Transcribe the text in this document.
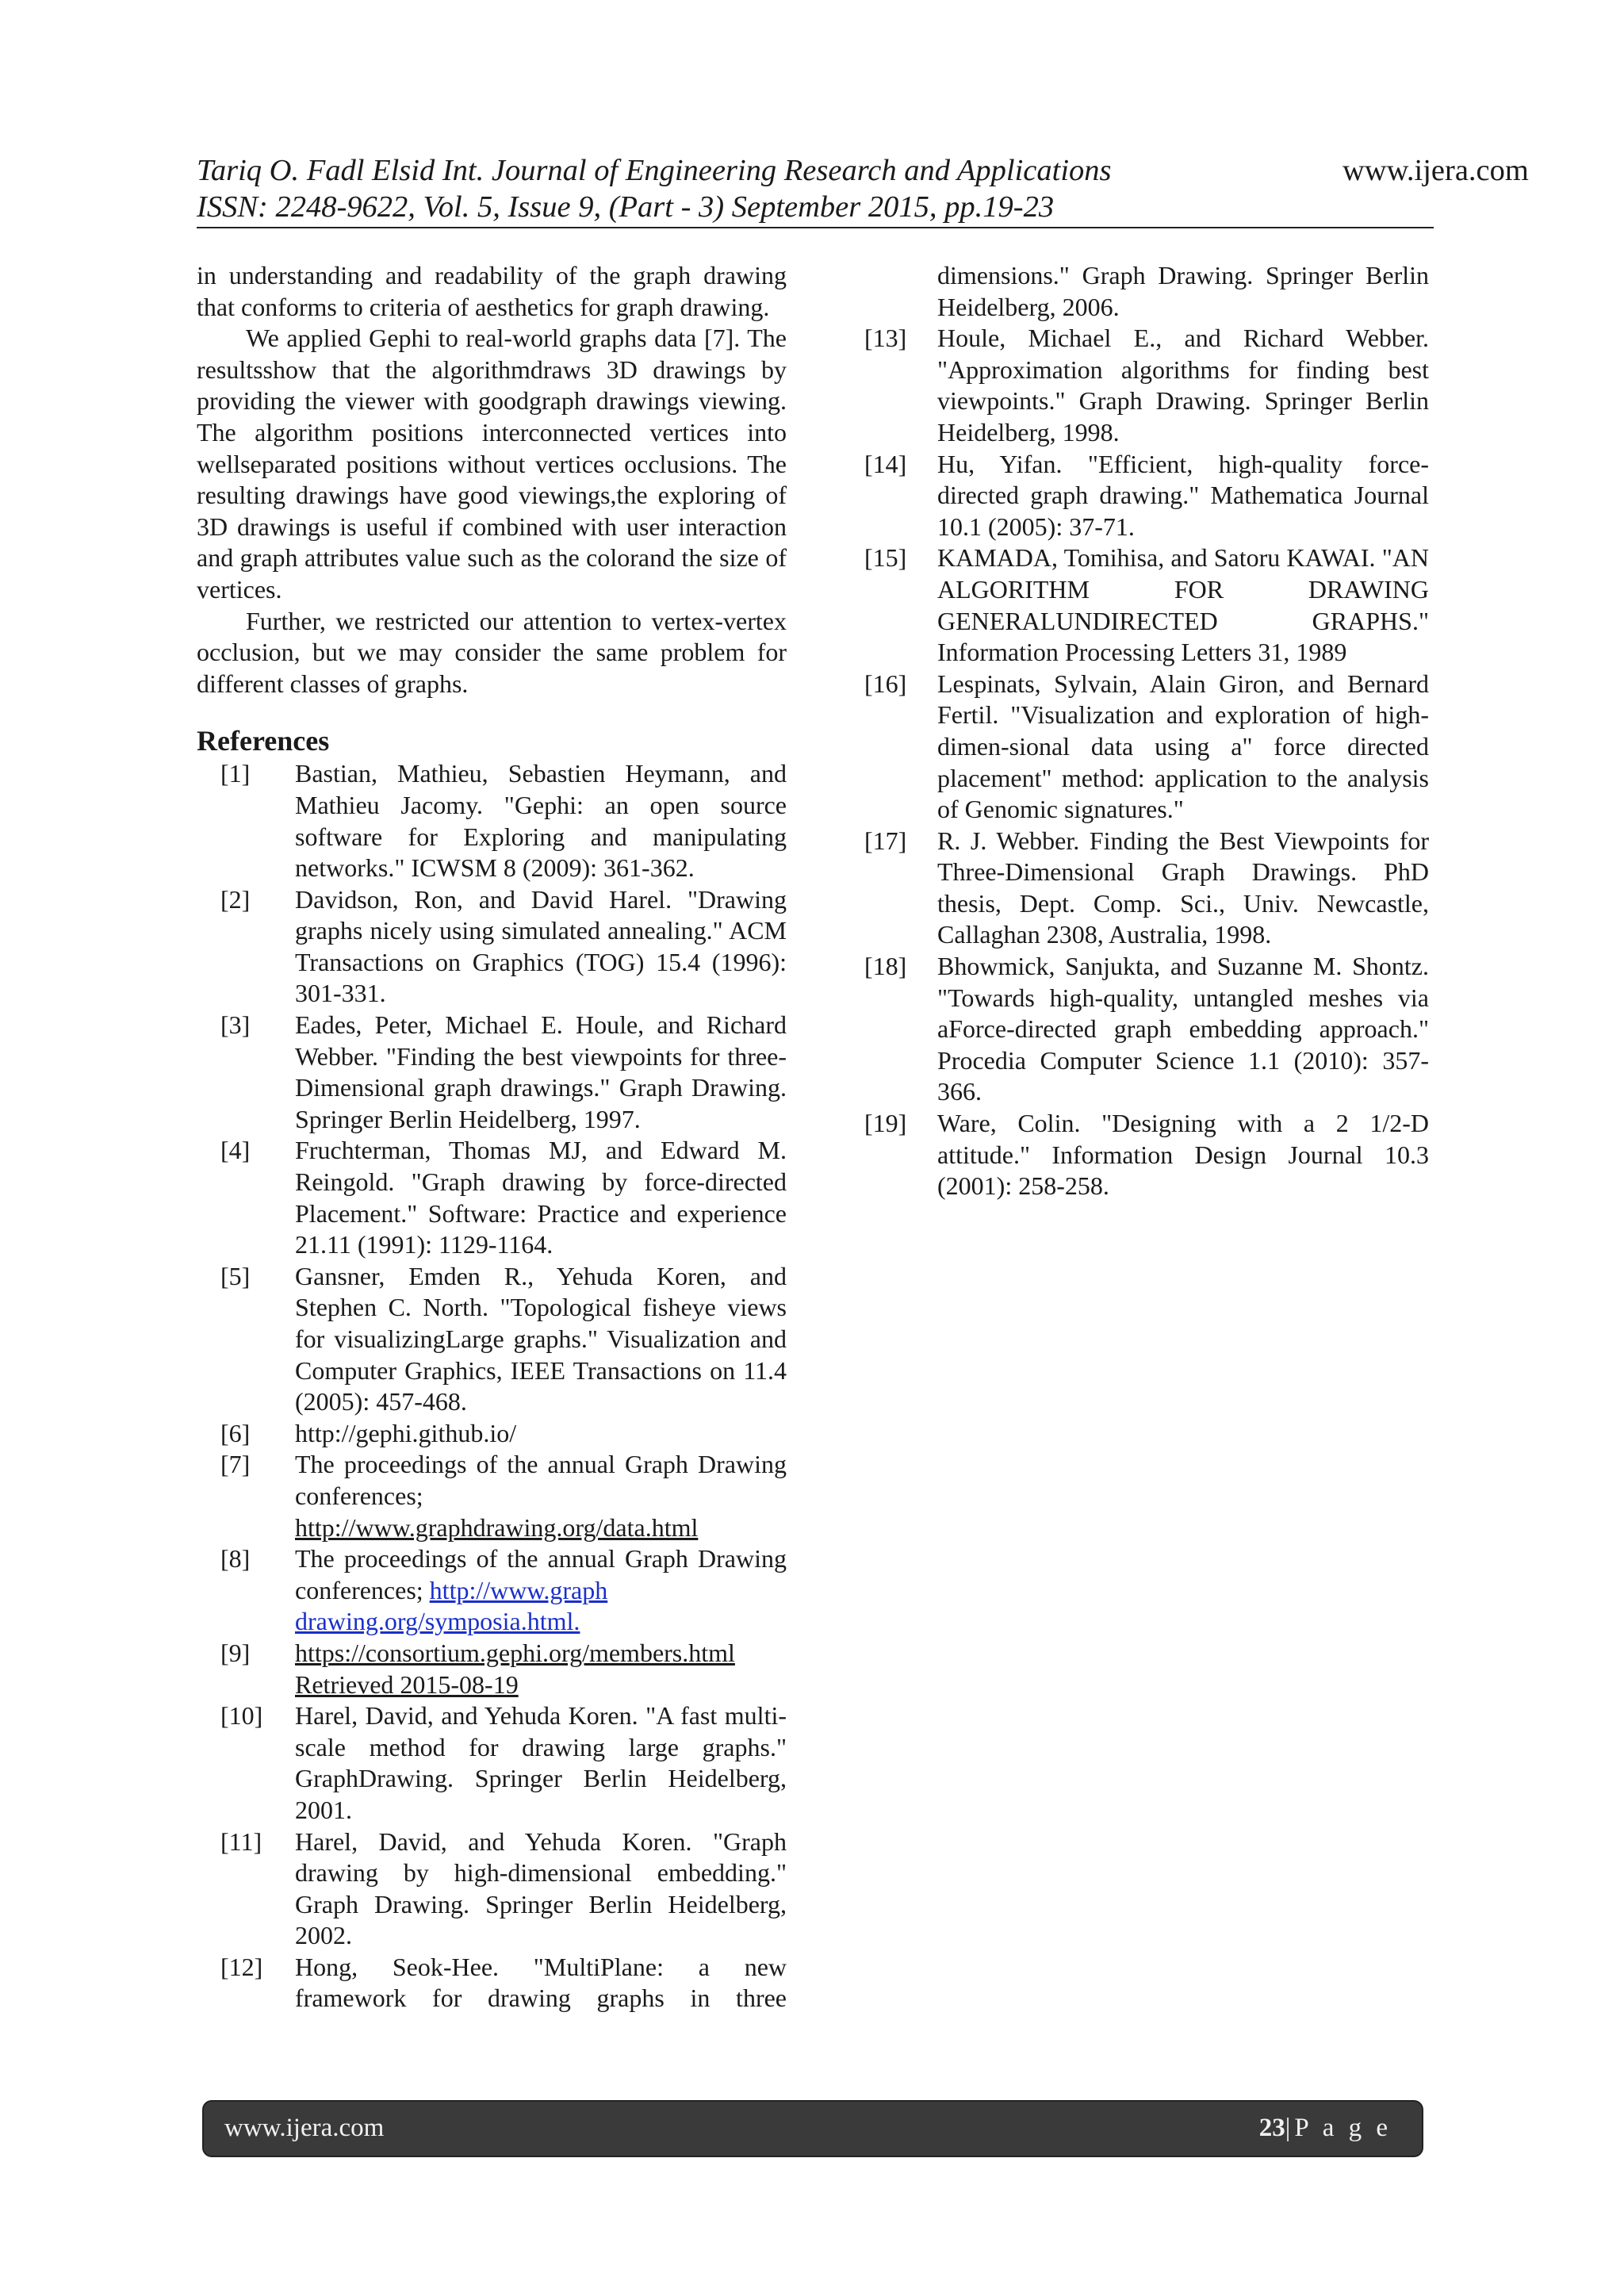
Tariq O. Fadl Elsid Int. Journal of Engineering Research and Applications	www.ijera.com
ISSN: 2248-9622, Vol. 5, Issue 9, (Part - 3) September 2015, pp.19-23
in understanding and readability of the graph drawing that conforms to criteria of aesthetics for graph drawing.
We applied Gephi to real-world graphs data [7]. The resultsshow that the algorithmdraws 3D drawings by providing the viewer with goodgraph drawings viewing. The algorithm positions interconnected vertices into wellseparated positions without vertices occlusions. The resulting drawings have good viewings,the exploring of 3D drawings is useful if combined with user interaction and graph attributes value such as the colorand the size of vertices.
Further, we restricted our attention to vertex-vertex occlusion, but we may consider the same problem for different classes of graphs.
References
[1] Bastian, Mathieu, Sebastien Heymann, and Mathieu Jacomy. "Gephi: an open source software for Exploring and manipulating networks." ICWSM 8 (2009): 361-362.
[2] Davidson, Ron, and David Harel. "Drawing graphs nicely using simulated annealing." ACM Transactions on Graphics (TOG) 15.4 (1996): 301-331.
[3] Eades, Peter, Michael E. Houle, and Richard Webber. "Finding the best viewpoints for three-Dimensional graph drawings." Graph Drawing. Springer Berlin Heidelberg, 1997.
[4] Fruchterman, Thomas MJ, and Edward M. Reingold. "Graph drawing by force-directed Placement." Software: Practice and experience 21.11 (1991): 1129-1164.
[5] Gansner, Emden R., Yehuda Koren, and Stephen C. North. "Topological fisheye views for visualizingLarge graphs." Visualization and Computer Graphics, IEEE Transactions on 11.4 (2005): 457-468.
[6] http://gephi.github.io/
[7] The proceedings of the annual Graph Drawing conferences;
http://www.graphdrawing.org/data.html
[8] The proceedings of the annual Graph Drawing conferences; http://www.graph
drawing.org/symposia.html.
[9] https://consortium.gephi.org/members.html
Retrieved 2015-08-19
[10] Harel, David, and Yehuda Koren. "A fast multi-scale method for drawing large graphs." GraphDrawing. Springer Berlin Heidelberg, 2001.
[11] Harel, David, and Yehuda Koren. "Graph drawing by high-dimensional embedding." Graph Drawing. Springer Berlin Heidelberg, 2002.
[12] Hong, Seok-Hee. "MultiPlane: a new framework for drawing graphs in three
dimensions." Graph Drawing. Springer Berlin Heidelberg, 2006.
[13] Houle, Michael E., and Richard Webber. "Approximation algorithms for finding best viewpoints." Graph Drawing. Springer Berlin Heidelberg, 1998.
[14] Hu, Yifan. "Efficient, high-quality force-directed graph drawing." Mathematica Journal 10.1 (2005): 37-71.
[15] KAMADA, Tomihisa, and Satoru KAWAI. "AN ALGORITHM FOR DRAWING GENERALUNDIRECTED GRAPHS." Information Processing Letters 31, 1989
[16] Lespinats, Sylvain, Alain Giron, and Bernard Fertil. "Visualization and exploration of high-dimen-sional data using a" force directed placement" method: application to the analysis of Genomic signatures."
[17] R. J. Webber. Finding the Best Viewpoints for Three-Dimensional Graph Drawings. PhD thesis, Dept. Comp. Sci., Univ. Newcastle, Callaghan 2308, Australia, 1998.
[18] Bhowmick, Sanjukta, and Suzanne M. Shontz. "Towards high-quality, untangled meshes via aForce-directed graph embedding approach." Procedia Computer Science 1.1 (2010): 357-366.
[19] Ware, Colin. "Designing with a 2 1/2-D attitude." Information Design Journal 10.3 (2001): 258-258.
www.ijera.com	23|P a g e
